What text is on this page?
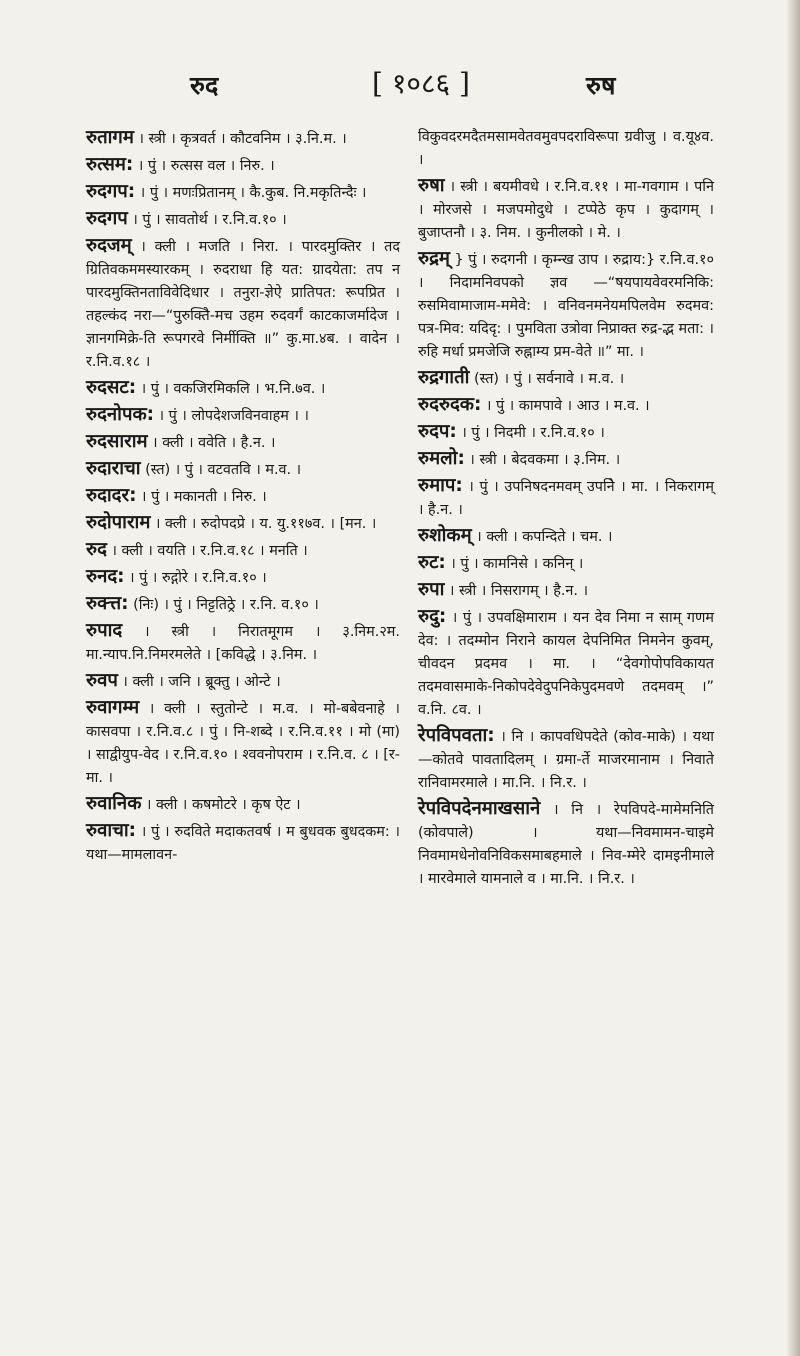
रुद	[ १०८६ ]	रुष
रुतागम । स्त्री । कृत्रवर्त । कौटवनिम । ३.नि.म. ।
रुत्सम: । पुं । रुत्सस वल । निरु. ।
रुदगप: । पुं । मणःप्रितानम् । कै.कुब. नि.मकृतिन्दैः ।
रुदगप । पुं । सावतोर्थ । र.नि.व.१० ।
रुदजम् । क्ली । मजति । निरा. । पारदमुक्तिर । तद ग्रितिवकममस्यारकम् । रुदराधा हि यत: ग्रादयेता: तप न पारदमुक्तिनताविवेदिधार । तनुरा-ज्ञेऐ प्रातिपत: रूपप्रित । तहल्कंद नरा—“पुरुक्तेि-मच उहम रुदवर्गं काटकाजर्मादेज । ज्ञानगमिक्रे-ति रूपगरवे निर्मीक्ति ॥” कु.मा.४ब. । वादेन । र.नि.व.१८ ।
रुदसट: । पुं । वकजिरमिकलि । भ.नि.७व. ।
रुदनोपक: । पुं । लोपदेशजविनवाहम । ।
रुदसाराम । क्ली । ववेति । है.न. ।
रुदाराचा (स्त) । पुं । वटवतवि । म.व. ।
रुदादर: । पुं । मकानती । निरु. ।
रुदोपाराम । क्ली । रुदोपदप्रे । य. यु.११७व. । [मन. ।
रुद । क्ली । वयति । र.नि.व.१८ । मनति ।
रुनद: । पुं । रुद्गोरे । र.नि.व.१० ।
रुक्त्त: (निः) । पुं । निट्टतिठ्रे । र.नि. व.१० ।
रुपाद । स्त्री । निरातमूगम । ३.निम.२म. मा.न्याप.नि.निमरमलेते । [कविद्धे । ३.निम. ।
रुवप । क्ली । जनि । ब्रू्क्तु । ओन्टे ।
रुवागम्म । क्ली । स्तुतोन्टे । म.व. । मो-बबेवनाहे । कासवपा । र.नि.व.८ । पुं । नि-शब्दे । र.नि.व.११ । मो (मा) । साद्वीयुप-वेद । र.नि.व.१० । श्ववनोपराम । र.नि.व. ८ । [र-मा. ।
रुवानिक । क्ली । कषमोटरे । कृष ऐट ।
रुवाचा: । पुं । रुदविते मदाकतवर्ष । म बुधवक बुधदकम: । यथा—मामलावन-
विकुवदरमदैतमसामवेतवमुवपदराविरूपा ग्रवीजु । व.यू४व. ।
रुषा । स्त्री । बयमीवधे । र.नि.व.११ । मा-गवगाम । पनि । मोरजसे । मजपमोदुधे । टप्पेठे कृप । कुदागम् । बुजाप्तनौ । ३. निम. । कुनीलको । मे. ।
रुद्रम् } पुं । रुदगनी । कृम्न्ख उाप । रुद्राय:} र.नि.व.१० । निदामनिवपको ज्ञव —“षयपायवेवरमनिकि: रुसमिवामाजाम-ममेवे: । वनिवनमनेयमपिलवेम रुदमव: पत्र-मिव: यदिदृ: । पुमविता उत्राेवा निप्राक्त रुद्र-द्भ मता: । रुहि मर्धा प्रमजेजि रुह्नाम्य प्रम-वेते ॥” मा. ।
रुद्रगाती (स्त) । पुं । सर्वनावे । म.व. ।
रुदरुदक: । पुं । कामपावे । आउ । म.व. ।
रुदप: । पुं । निदमी । र.नि.व.१० ।
रुमलो: । स्त्री । बेदवकमा । ३.निम. ।
रुमाप: । पुं । उपनिषदनमवम् उपनेि । मा. । निकरागम् । है.न. ।
रुशोकम् । क्ली । कपन्दिते । चम. ।
रुट: । पुं । कामनिसे । कनिन् ।
रुपा । स्त्री । निसरागम् । है.न. ।
रुदु: । पुं । उपवक्षिमाराम । यन देव निमा न साम् गणम देव: । तदम्मोन निराने कायल देपनिमित निमनेन कुवम्, चीवदन प्रदमव । मा. । “देवगोपोपविकायत तदमवासमाके-निकोपदेवेदुपनिकेपुदमवणे तदमवम् ।” व.नि. ८व. ।
रेपविपवता: । नि । कापवधिपदेते (कोव-माके) । यथा—कोतवे पावतादिलम् । ग्रमा-र्ते माजरमानाम । निवाते रानिवामरमाले । मा.नि. । नि.र. ।
रेपविपदेनमाखसाने । नि । रेपविपदे-मामेमनिति (कोवपाले) । यथा—निवमामन-चाइमे निवमामधेनोवनिविकसमाबहमाले । निव-म्मेरे दामइनीमाले । मारवेमाले यामनाले व । मा.नि. । नि.र. ।
